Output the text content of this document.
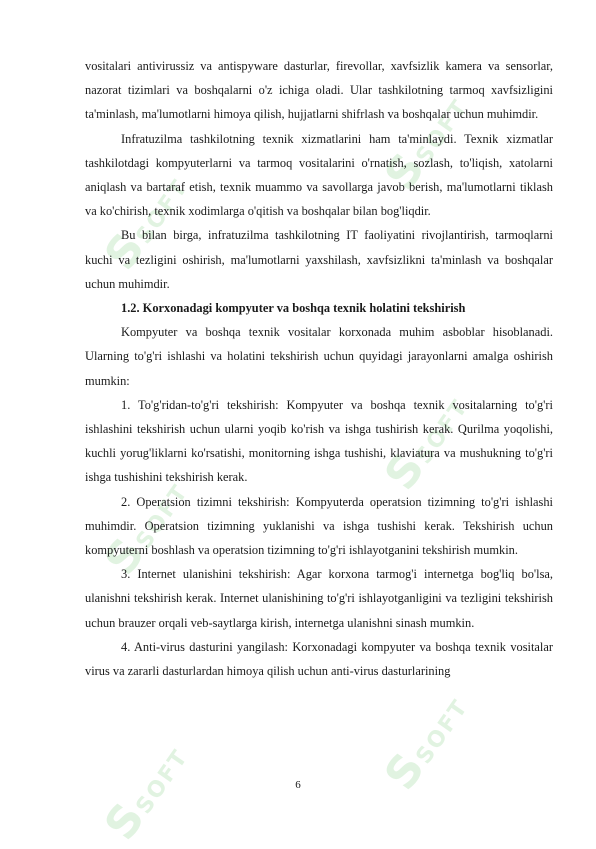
SSOFT
SSOFT
SSOFT
SSOFT
SSOFT	SSOFT

vositalari antivirussiz va antispyware dasturlar, firevollar, xavfsizlik kamera va sensorlar, nazorat tizimlari va boshqalarni o'z ichiga oladi. Ular tashkilotning tarmoq xavfsizligini ta'minlash, ma'lumotlarni himoya qilish, hujjatlarni shifrlash va boshqalar uchun muhimdir.

Infratuzilma tashkilotning texnik xizmatlarini ham ta'minlaydi. Texnik xizmatlar tashkilotdagi kompyuterlarni va tarmoq vositalarini o'rnatish, sozlash, to'liqish, xatolarni aniqlash va bartaraf etish, texnik muammo va savollarga javob berish, ma'lumotlarni tiklash va ko'chirish, texnik xodimlarga o'qitish va boshqalar bilan bog'liqdir.

Bu bilan birga, infratuzilma tashkilotning IT faoliyatini rivojlantirish, tarmoqlarni kuchi va tezligini oshirish, ma'lumotlarni yaxshilash, xavfsizlikni ta'minlash va boshqalar uchun muhimdir.

1.2. Korxonadagi kompyuter va boshqa texnik holatini tekshirish

Kompyuter va boshqa texnik vositalar korxonada muhim asboblar hisoblanadi. Ularning to'g'ri ishlashi va holatini tekshirish uchun quyidagi jarayonlarni amalga oshirish mumkin:

1. To'g'ridan-to'g'ri tekshirish: Kompyuter va boshqa texnik vositalarning to'g'ri ishlashini tekshirish uchun ularni yoqib ko'rish va ishga tushirish kerak. Qurilma yoqolishi, kuchli yorug'liklarni ko'rsatishi, monitorning ishga tushishi, klaviatura va mushukning to'g'ri ishga tushishini tekshirish kerak.

2. Operatsion tizimni tekshirish: Kompyuterda operatsion tizimning to'g'ri ishlashi muhimdir. Operatsion tizimning yuklanishi va ishga tushishi kerak. Tekshirish uchun kompyuterni boshlash va operatsion tizimning to'g'ri ishlayotganini tekshirish mumkin.

3. Internet ulanishini tekshirish: Agar korxona tarmog'i internetga bog'liq bo'lsa, ulanishni tekshirish kerak. Internet ulanishining to'g'ri ishlayotganligini va tezligini tekshirish uchun brauzer orqali veb-saytlarga kirish, internetga ulanishni sinash mumkin.

4. Anti-virus dasturini yangilash: Korxonadagi kompyuter va boshqa texnik vositalar virus va zararli dasturlardan himoya qilish uchun anti-virus dasturlarining

6
